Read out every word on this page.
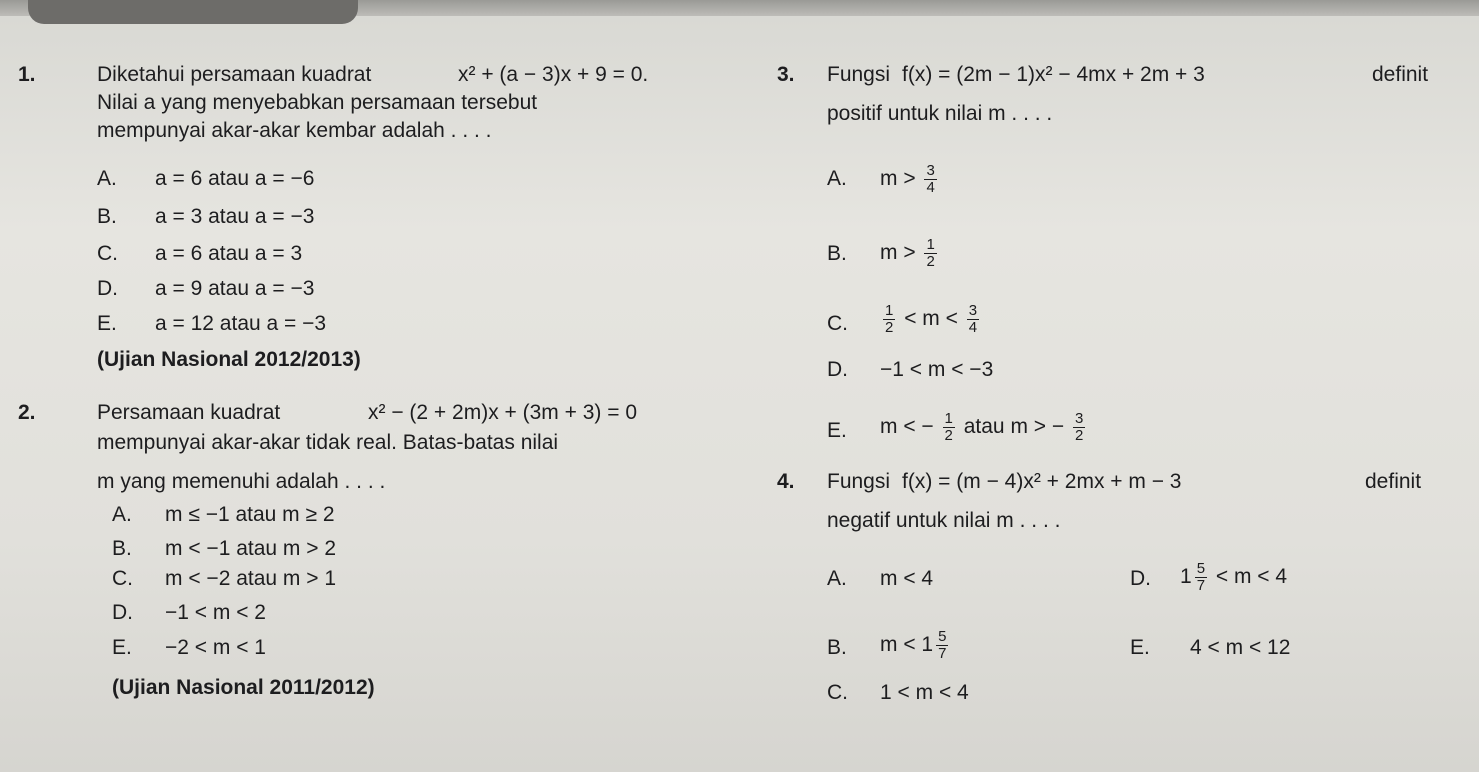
1.	Diketahui persamaan kuadrat	x² + (a − 3)x + 9 = 0.
Nilai a yang menyebabkan persamaan tersebut
mempunyai akar-akar kembar adalah . . . .
A. a = 6 atau a = −6
B. a = 3 atau a = −3
C. a = 6 atau a = 3
D. a = 9 atau a = −3
E. a = 12 atau a = −3
(Ujian Nasional 2012/2013)
2.	Persamaan kuadrat	x² − (2 + 2m)x + (3m + 3) = 0
mempunyai akar-akar tidak real. Batas-batas nilai
m yang memenuhi adalah . . . .
A. m ≤ −1 atau m ≥ 2
B. m < −1 atau m > 2
C. m < −2 atau m > 1
D. −1 < m < 2
E. −2 < m < 1
(Ujian Nasional 2011/2012)
3. Fungsi f(x) = (2m − 1)x² − 4mx + 2m + 3	definit
positif untuk nilai m . . . .
A. $m > \frac{3}{4}$
B. $m > \frac{1}{2}$
C. $\frac{1}{2} < m < \frac{3}{4}$
D. −1 < m < −3
E. m < − $\frac{1}{2}$ atau m > − $\frac{3}{2}$
4. Fungsi f(x) = (m − 4)x² + 2mx + m − 3	definit
negatif untuk nilai m . . . .
A. m < 4	D. $1 \frac{5}{7} < m < 4$
B. $m < 1 \frac{5}{7}$	E. 4 < m < 12
C. 1 < m < 4
